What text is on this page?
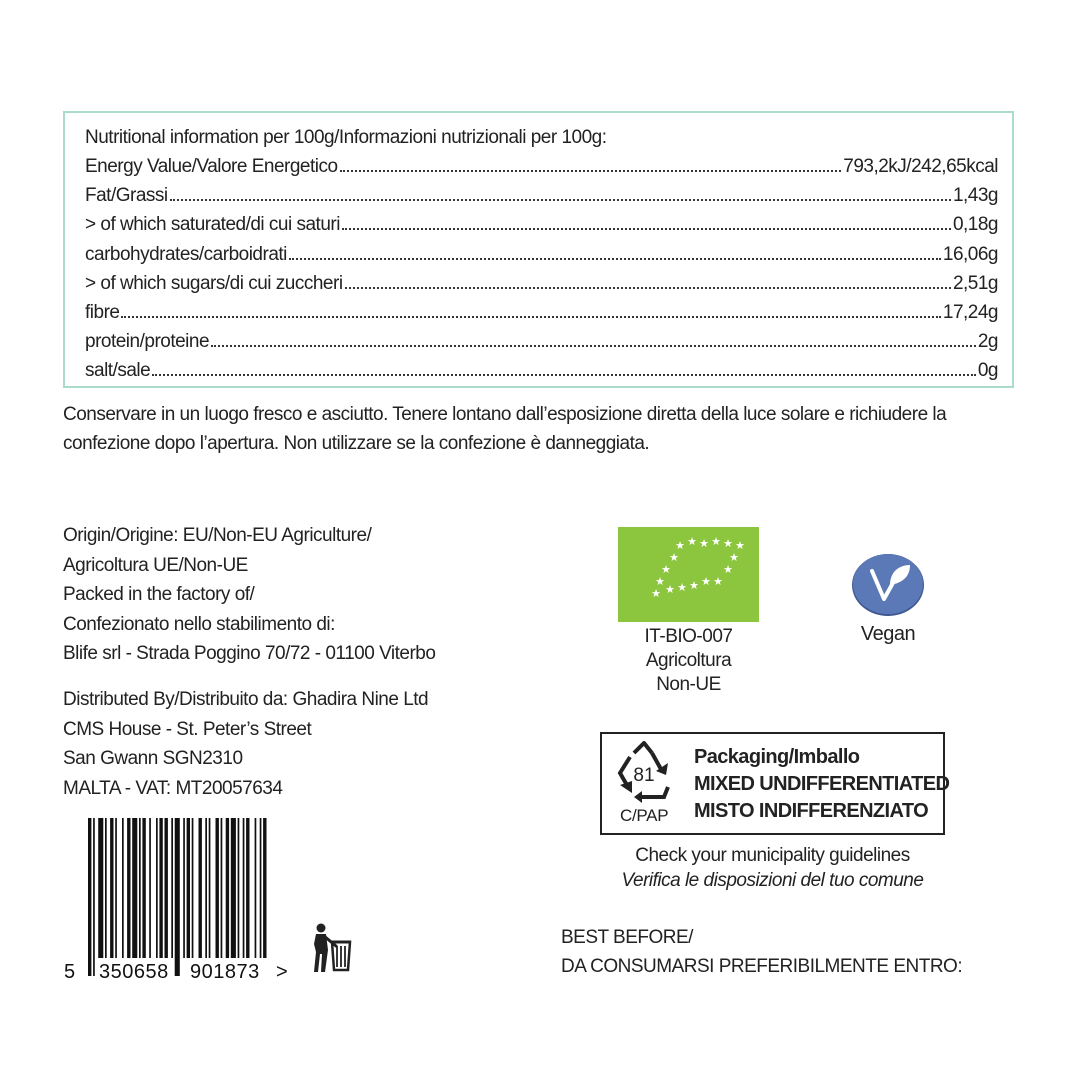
Nutritional information per 100g/Informazioni nutrizionali per 100g:
Energy Value/Valore Energetico	793,2kJ/242,65kcal
Fat/Grassi	1,43g
> of which saturated/di cui saturi	0,18g
carbohydrates/carboidrati	16,06g
> of which sugars/di cui zuccheri	2,51g
fibre	17,24g
protein/proteine	2g
salt/sale	0g
Conservare in un luogo fresco e asciutto. Tenere lontano dall’esposizione diretta della luce solare e richiudere la
confezione dopo l’apertura. Non utilizzare se la confezione è danneggiata.
Origin/Origine: EU/Non-EU Agriculture/
Agricoltura UE/Non-UE
Packed in the factory of/
Confezionato nello stabilimento di:
Blife srl - Strada Poggino 70/72 - 01100 Viterbo
Distributed By/Distribuito da: Ghadira Nine Ltd
CMS House - St. Peter’s Street
San Gwann SGN2310
MALTA - VAT: MT20057634
5 350658 901873 >
★ ★ ★ ★ ★ ★
★	★
★	★
★	★
★ ★ ★ ★ ★
IT-BIO-007
Agricoltura
Non-UE
Vegan
81
C/PAP
Packaging/Imballo
MIXED UNDIFFERENTIATED
MISTO INDIFFERENZIATO
Check your municipality guidelines
Verifica le disposizioni del tuo comune
BEST BEFORE/
DA CONSUMARSI PREFERIBILMENTE ENTRO:
